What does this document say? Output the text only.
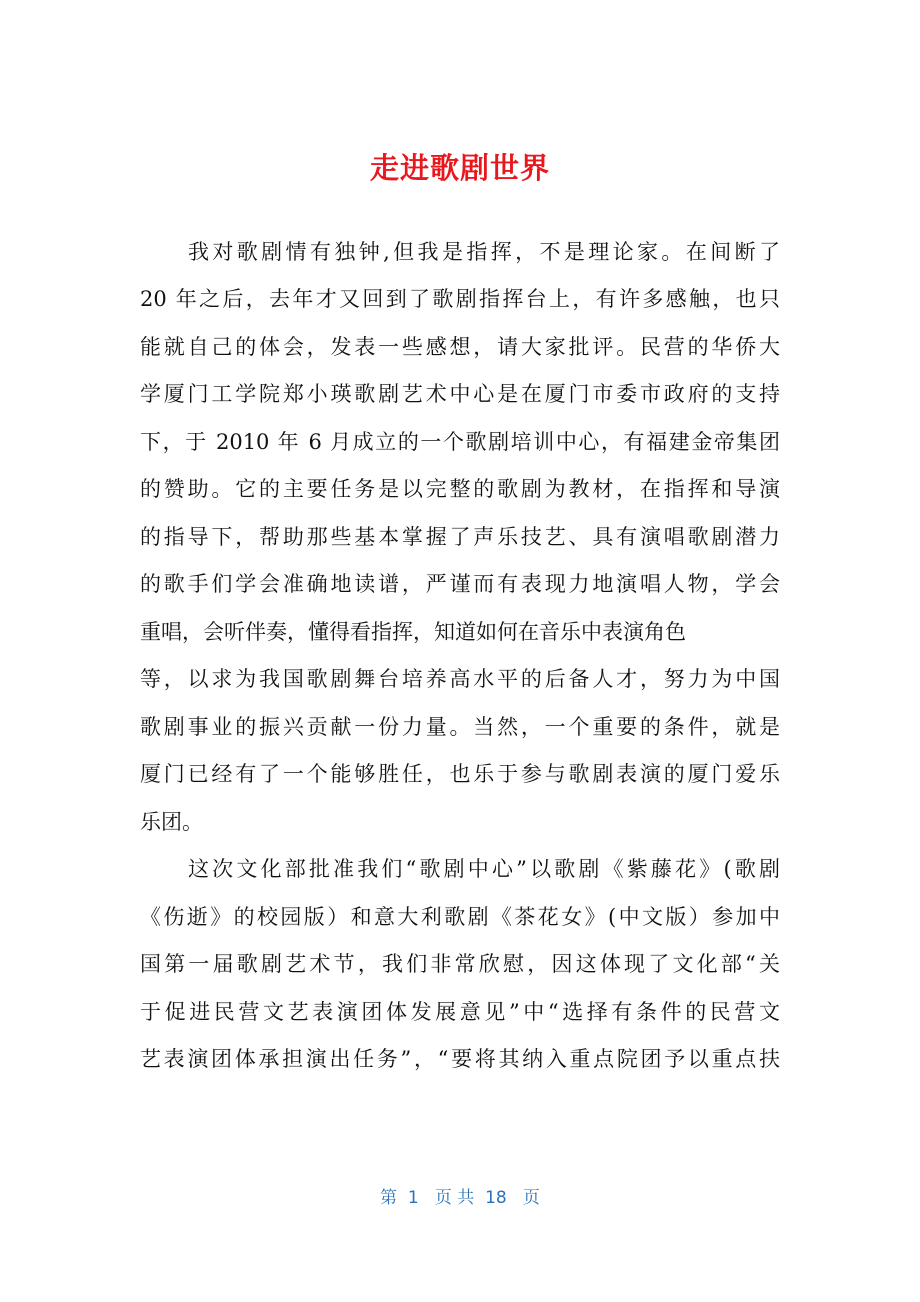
走进歌剧世界
我对歌剧情有独钟,但我是指挥，不是理论家。在间断了
20 年之后，去年才又回到了歌剧指挥台上，有许多感触，也只
能就自己的体会，发表一些感想，请大家批评。民营的华侨大
学厦门工学院郑小瑛歌剧艺术中心是在厦门市委市政府的支持
下，于 2010 年 6 月成立的一个歌剧培训中心，有福建金帝集团
的赞助。它的主要任务是以完整的歌剧为教材，在指挥和导演
的指导下，帮助那些基本掌握了声乐技艺、具有演唱歌剧潜力
的歌手们学会准确地读谱，严谨而有表现力地演唱人物，学会
重唱，会听伴奏，懂得看指挥，知道如何在音乐中表演角色
等，以求为我国歌剧舞台培养高水平的后备人才，努力为中国
歌剧事业的振兴贡献一份力量。当然，一个重要的条件，就是
厦门已经有了一个能够胜任，也乐于参与歌剧表演的厦门爱乐
乐团。
这次文化部批准我们“歌剧中心”以歌剧《紫藤花》(歌剧
《伤逝》的校园版）和意大利歌剧《茶花女》(中文版）参加中
国第一届歌剧艺术节，我们非常欣慰，因这体现了文化部“关
于促进民营文艺表演团体发展意见”中“选择有条件的民营文
艺表演团体承担演出任务”，“要将其纳入重点院团予以重点扶
第  1   页 共  18   页
